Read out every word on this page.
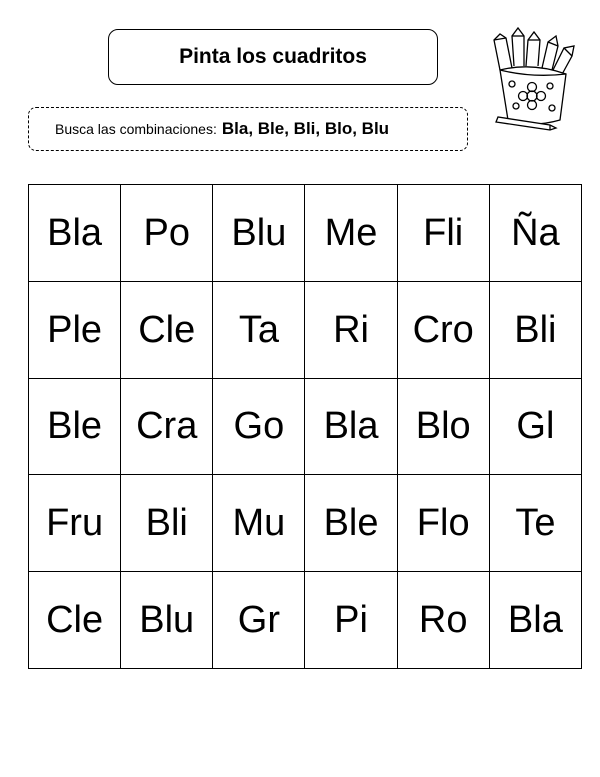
Pinta los cuadritos
Busca las combinaciones: Bla, Ble, Bli, Blo, Blu
Bla	Po	Blu	Me	Fli	Ña
Ple	Cle	Ta	Ri	Cro	Bli
Ble	Cra	Go	Bla	Blo	Gl
Fru	Bli	Mu	Ble	Flo	Te
Cle	Blu	Gr	Pi	Ro	Bla
